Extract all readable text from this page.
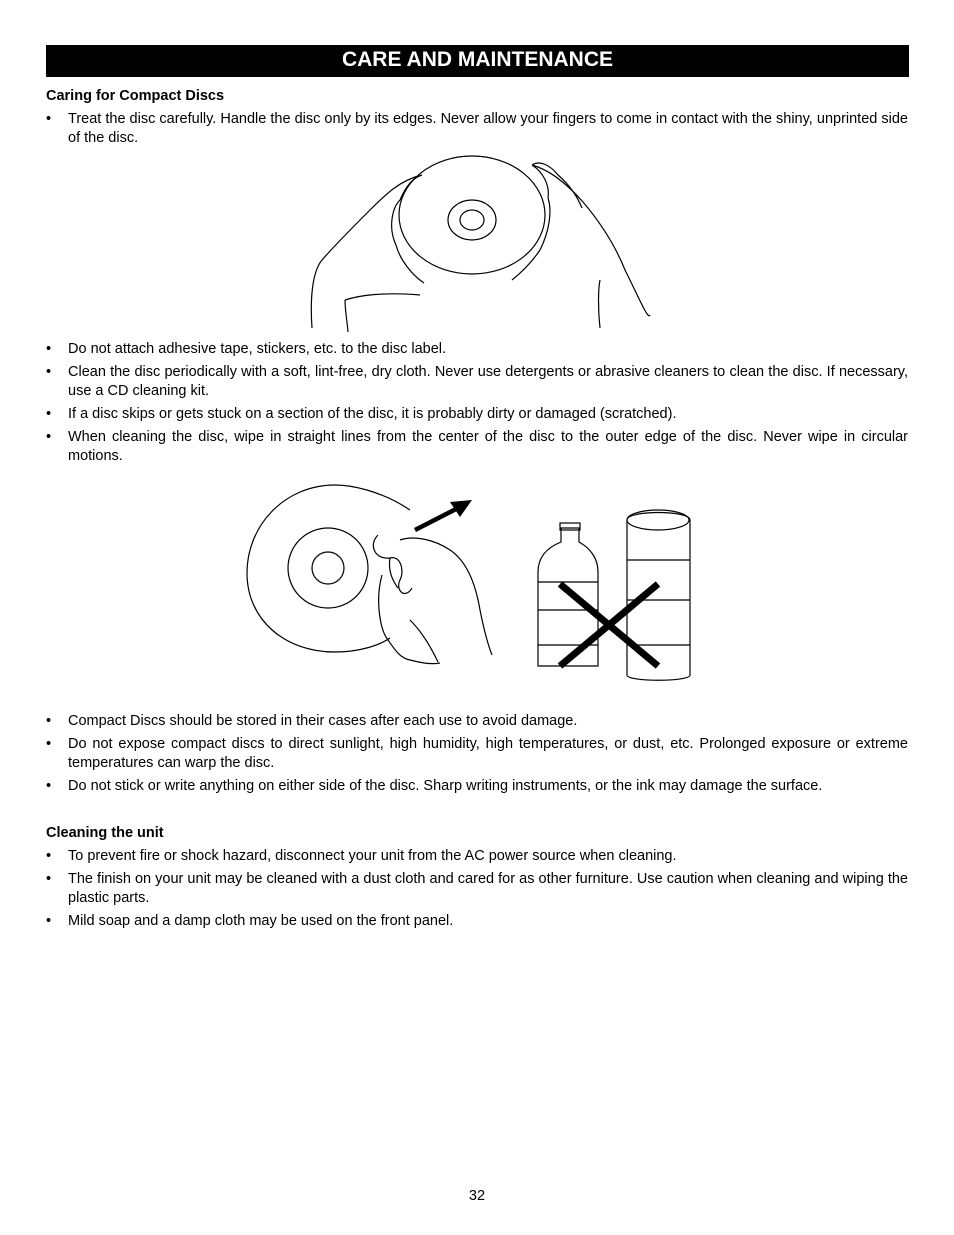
CARE AND MAINTENANCE
Caring for Compact Discs
• Treat the disc carefully. Handle the disc only by its edges. Never allow your fingers to come in contact with the shiny, unprinted side of the disc.
• Do not attach adhesive tape, stickers, etc. to the disc label.
• Clean the disc periodically with a soft, lint-free, dry cloth. Never use detergents or abrasive cleaners to clean the disc. If necessary, use a CD cleaning kit.
• If a disc skips or gets stuck on a section of the disc, it is probably dirty or damaged (scratched).
• When cleaning the disc, wipe in straight lines from the center of the disc to the outer edge of the disc. Never wipe in circular motions.
• Compact Discs should be stored in their cases after each use to avoid damage.
• Do not expose compact discs to direct sunlight, high humidity, high temperatures, or dust, etc. Prolonged exposure or extreme temperatures can warp the disc.
• Do not stick or write anything on either side of the disc. Sharp writing instruments, or the ink may damage the surface.
Cleaning the unit
• To prevent fire or shock hazard, disconnect your unit from the AC power source when cleaning.
• The finish on your unit may be cleaned with a dust cloth and cared for as other furniture. Use caution when cleaning and wiping the plastic parts.
• Mild soap and a damp cloth may be used on the front panel.
32
